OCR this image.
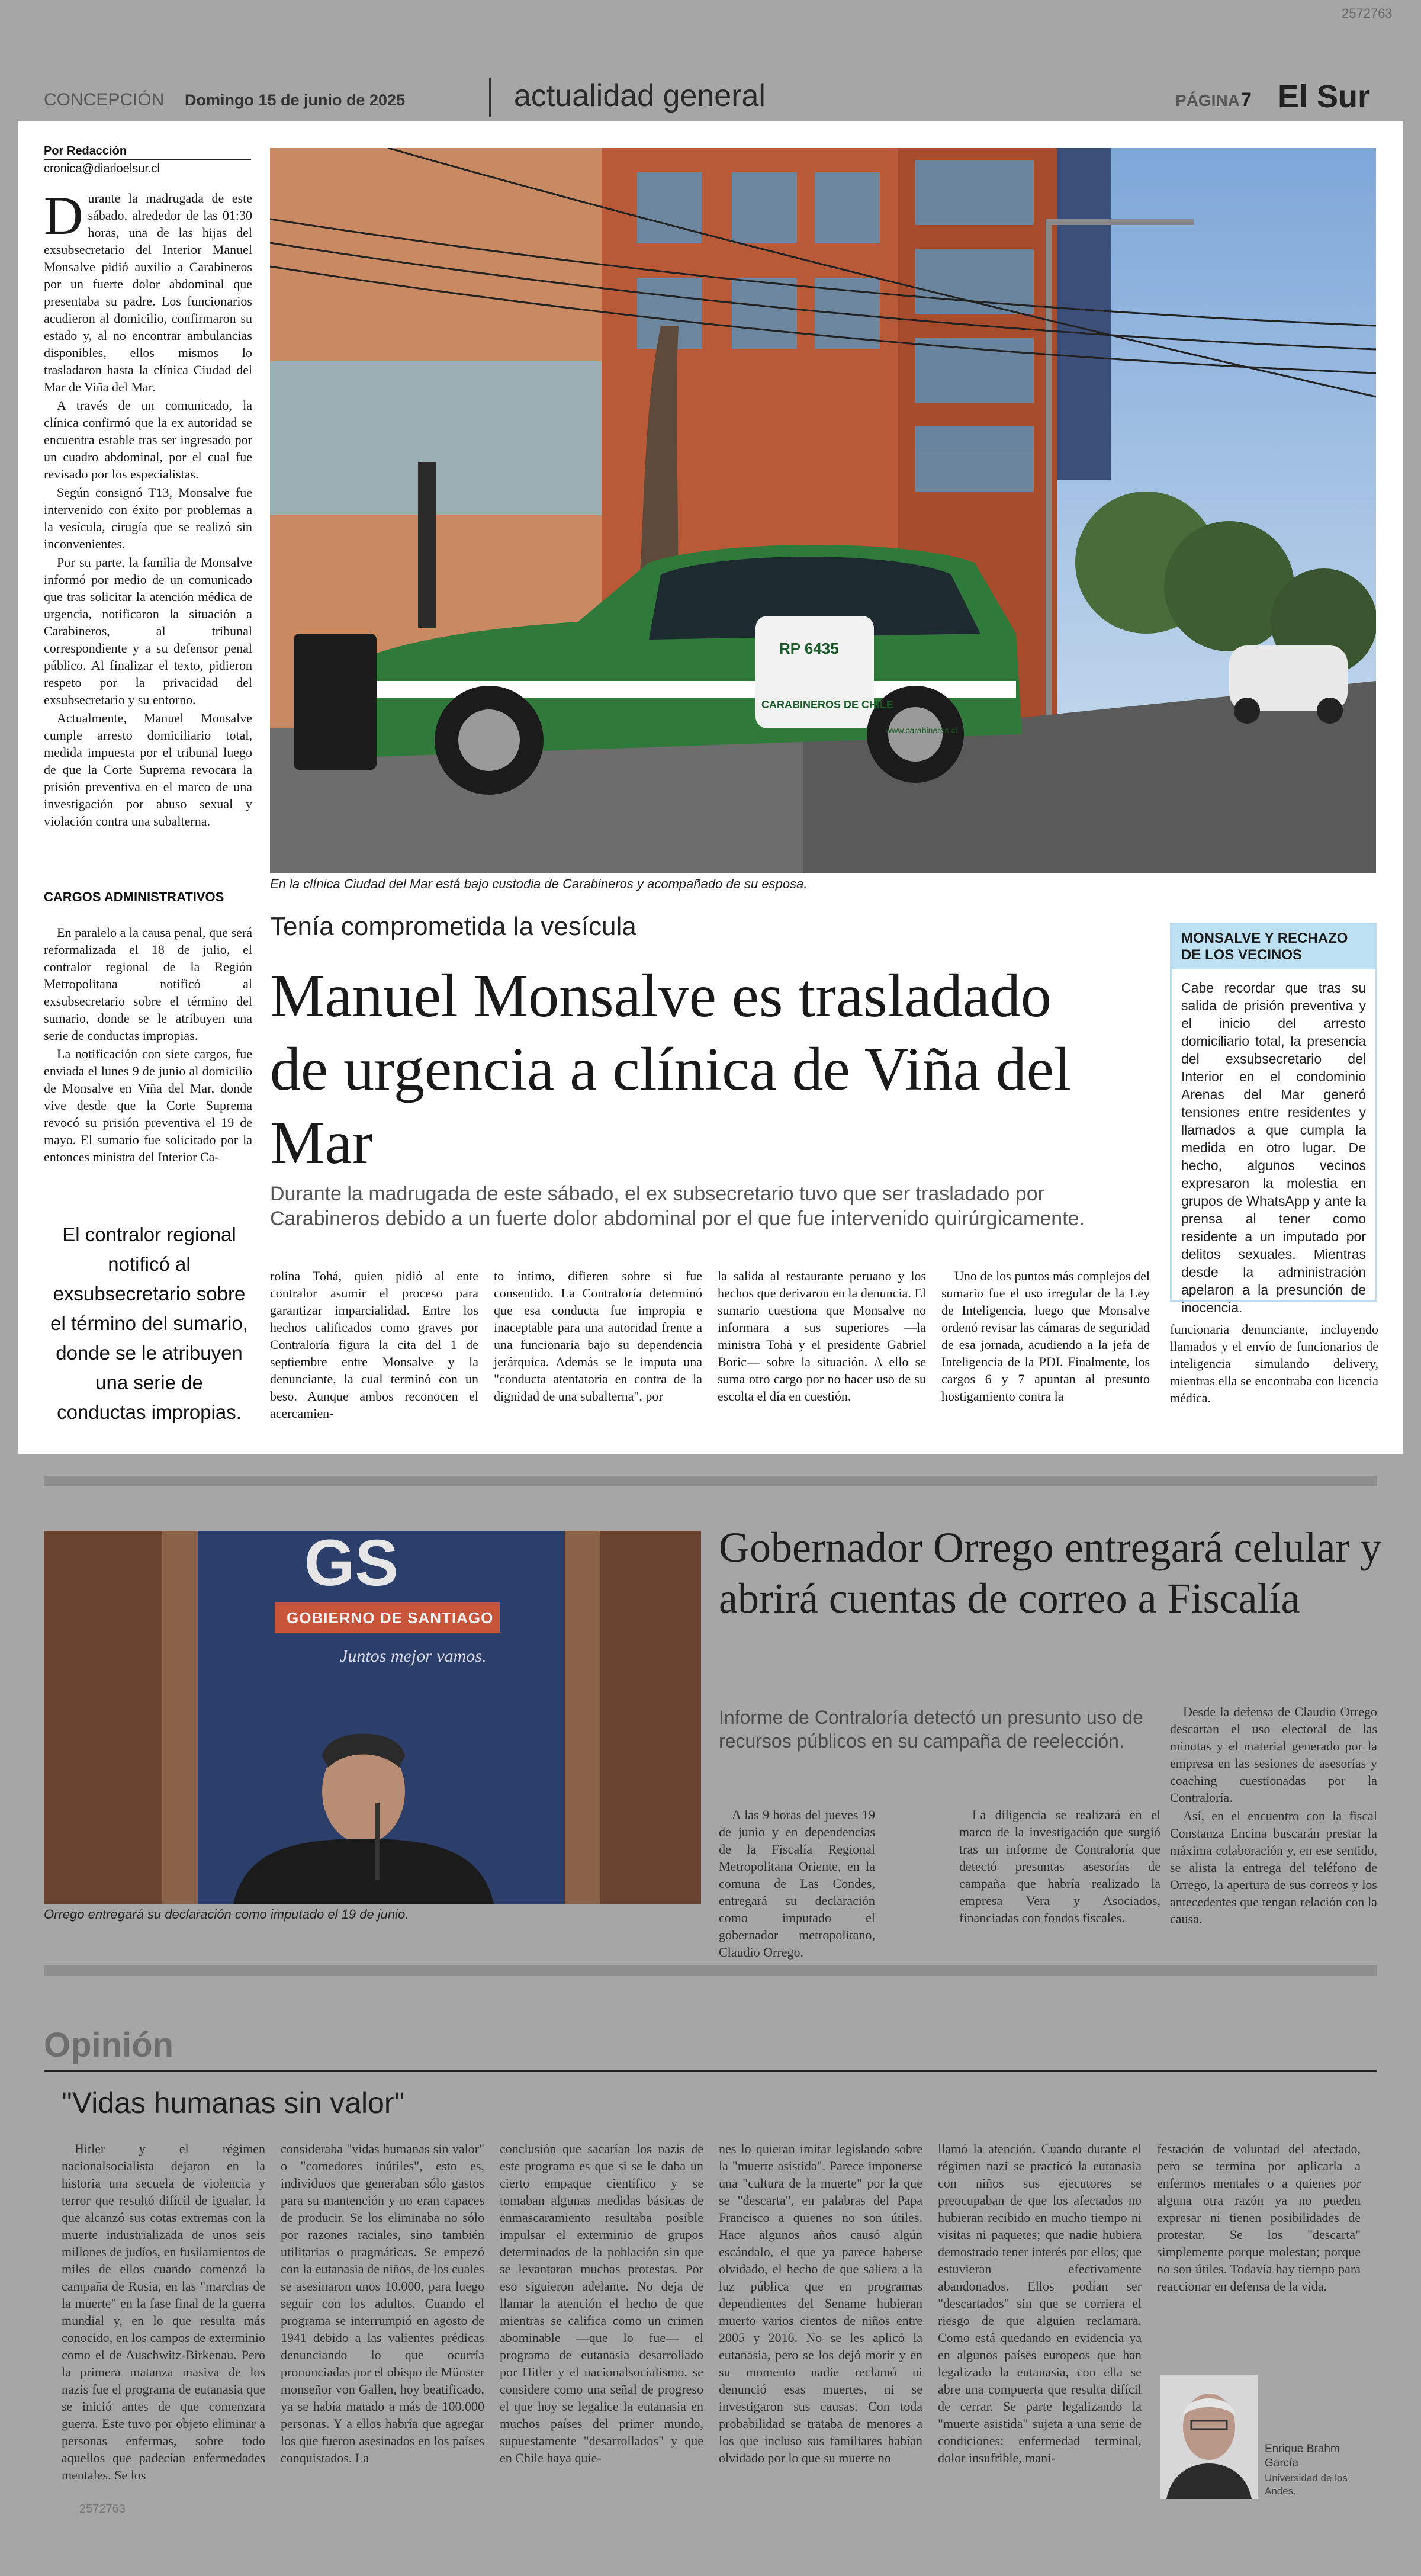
2572763
CONCEPCIÓN Domingo 15 de junio de 2025	actualidad general	PÁGINA 7 El Sur
Por Redacción
cronica@diarioelsur.cl

D urante la madrugada de este sábado, alrededor de las 01:30 horas, una de las hijas del exsubsecretario del Interior Manuel Monsalve pidió auxilio a Carabineros por un fuerte dolor abdominal que presentaba su padre. Los funcionarios acudieron al domicilio, confirmaron su estado y, al no encontrar ambulancias disponibles, ellos mismos lo trasladaron hasta la clínica Ciudad del Mar de Viña del Mar.

A través de un comunicado, la clínica confirmó que la ex autoridad se encuentra estable tras ser ingresado por un cuadro abdominal, por el cual fue revisado por los especialistas.

Según consignó T13, Monsalve fue intervenido con éxito por problemas a la vesícula, cirugía que se realizó sin inconvenientes.

Por su parte, la familia de Monsalve informó por medio de un comunicado que tras solicitar la atención médica de urgencia, notificaron la situación a Carabineros, al tribunal correspondiente y a su defensor penal público. Al finalizar el texto, pidieron respeto por la privacidad del exsubsecretario y su entorno.

Actualmente, Manuel Monsalve cumple arresto domiciliario total, medida impuesta por el tribunal luego de que la Corte Suprema revocara la prisión preventiva en el marco de una investigación por abuso sexual y violación contra una subalterna.

CARGOS ADMINISTRATIVOS

En paralelo a la causa penal, que será reformalizada el 18 de julio, el contralor regional de la Región Metropolitana notificó al exsubsecretario sobre el término del sumario, donde se le atribuyen una serie de conductas impropias.

La notificación con siete cargos, fue enviada el lunes 9 de junio al domicilio de Monsalve en Viña del Mar, donde vive desde que la Corte Suprema revocó su prisión preventiva el 19 de mayo. El sumario fue solicitado por la entonces ministra del Interior Ca-

El contralor regional notificó al exsubsecretario sobre el término del sumario, donde se le atribuyen una serie de conductas impropias.
RP 6435
CARABINEROS DE CHILE
www.carabineros.cl
En la clínica Ciudad del Mar está bajo custodia de Carabineros y acompañado de su esposa.
Tenía comprometida la vesícula
Manuel Monsalve es trasladado de urgencia a clínica de Viña del Mar
Durante la madrugada de este sábado, el ex subsecretario tuvo que ser trasladado por Carabineros debido a un fuerte dolor abdominal por el que fue intervenido quirúrgicamente.
MONSALVE Y RECHAZO DE LOS VECINOS
Cabe recordar que tras su salida de prisión preventiva y el inicio del arresto domiciliario total, la presencia del exsubsecretario del Interior en el condominio Arenas del Mar generó tensiones entre residentes y llamados a que cumpla la medida en otro lugar. De hecho, algunos vecinos expresaron la molestia en grupos de WhatsApp y ante la prensa al tener como residente a un imputado por delitos sexuales. Mientras desde la administración apelaron a la presunción de inocencia.

rolina Tohá, quien pidió al ente contralor asumir el proceso para garantizar imparcialidad. Entre los hechos calificados como graves por Contraloría figura la cita del 1 de septiembre entre Monsalve y la denunciante, la cual terminó con un beso. Aunque ambos reconocen el acercamien-

to íntimo, difieren sobre si fue consentido. La Contraloría determinó que esa conducta fue impropia e inaceptable para una autoridad frente a una funcionaria bajo su dependencia jerárquica. Además se le imputa una "conducta atentatoria en contra de la dignidad de una subalterna", por

la salida al restaurante peruano y los hechos que derivaron en la denuncia. El sumario cuestiona que Monsalve no informara a sus superiores —la ministra Tohá y el presidente Gabriel Boric— sobre la situación. A ello se suma otro cargo por no hacer uso de su escolta el día en cuestión.

Uno de los puntos más complejos del sumario fue el uso irregular de la Ley de Inteligencia, luego que Monsalve ordenó revisar las cámaras de seguridad de esa jornada, acudiendo a la jefa de Inteligencia de la PDI. Finalmente, los cargos 6 y 7 apuntan al presunto hostigamiento contra la

funcionaria denunciante, incluyendo llamados y el envío de funcionarios de inteligencia simulando delivery, mientras ella se encontraba con licencia médica.

GS
GOBIERNO DE SANTIAGO
Juntos mejor vamos.
Orrego entregará su declaración como imputado el 19 de junio.
Gobernador Orrego entregará celular y abrirá cuentas de correo a Fiscalía
Informe de Contraloría detectó un presunto uso de recursos públicos en su campaña de reelección.

A las 9 horas del jueves 19 de junio y en dependencias de la Fiscalía Regional Metropolitana Oriente, en la comuna de Las Condes, entregará su declaración como imputado el gobernador metropolitano, Claudio Orrego.

La diligencia se realizará en el marco de la investigación que surgió tras un informe de Contraloría que detectó presuntas asesorías de campaña que habría realizado la empresa Vera y Asociados, financiadas con fondos fiscales.

Desde la defensa de Claudio Orrego descartan el uso electoral de las minutas y el material generado por la empresa en las sesiones de asesorías y coaching cuestionadas por la Contraloría.

Así, en el encuentro con la fiscal Constanza Encina buscarán prestar la máxima colaboración y, en ese sentido, se alista la entrega del teléfono de Orrego, la apertura de sus correos y los antecedentes que tengan relación con la causa.

Opinión
"Vidas humanas sin valor"

Hitler y el régimen nacionalsocialista dejaron en la historia una secuela de violencia y terror que resultó difícil de igualar, la que alcanzó sus cotas extremas con la muerte industrializada de unos seis millones de judíos, en fusilamientos de miles de ellos cuando comenzó la campaña de Rusia, en las "marchas de la muerte" en la fase final de la guerra mundial y, en lo que resulta más conocido, en los campos de exterminio como el de Auschwitz-Birkenau. Pero la primera matanza masiva de los nazis fue el programa de eutanasia que se inició antes de que comenzara guerra. Este tuvo por objeto eliminar a personas enfermas, sobre todo aquellos que padecían enfermedades mentales. Se los

consideraba "vidas humanas sin valor" o "comedores inútiles", esto es, individuos que generaban sólo gastos para su mantención y no eran capaces de producir. Se los eliminaba no sólo por razones raciales, sino también utilitarias o pragmáticas. Se empezó con la eutanasia de niños, de los cuales se asesinaron unos 10.000, para luego seguir con los adultos. Cuando el programa se interrumpió en agosto de 1941 debido a las valientes prédicas denunciando lo que ocurría pronunciadas por el obispo de Münster monseñor von Gallen, hoy beatificado, ya se había matado a más de 100.000 personas. Y a ellos habría que agregar los que fueron asesinados en los países conquistados. La

conclusión que sacarían los nazis de este programa es que si se le daba un cierto empaque científico y se tomaban algunas medidas básicas de enmascaramiento resultaba posible impulsar el exterminio de grupos determinados de la población sin que se levantaran muchas protestas. Por eso siguieron adelante. No deja de llamar la atención el hecho de que mientras se califica como un crimen abominable —que lo fue— el programa de eutanasia desarrollado por Hitler y el nacionalsocialismo, se considere como una señal de progreso el que hoy se legalice la eutanasia en muchos países del primer mundo, supuestamente "desarrollados" y que en Chile haya quie-

nes lo quieran imitar legislando sobre la "muerte asistida". Parece imponerse una "cultura de la muerte" por la que se "descarta", en palabras del Papa Francisco a quienes no son útiles. Hace algunos años causó algún escándalo, el que ya parece haberse olvidado, el hecho de que saliera a la luz pública que en programas dependientes del Sename hubieran muerto varios cientos de niños entre 2005 y 2016. No se les aplicó la eutanasia, pero se los dejó morir y en su momento nadie reclamó ni denunció esas muertes, ni se investigaron sus causas. Con toda probabilidad se trataba de menores a los que incluso sus familiares habían olvidado por lo que su muerte no

llamó la atención. Cuando durante el régimen nazi se practicó la eutanasia con niños sus ejecutores se preocupaban de que los afectados no hubieran recibido en mucho tiempo ni visitas ni paquetes; que nadie hubiera demostrado tener interés por ellos; que estuvieran efectivamente abandonados. Ellos podían ser "descartados" sin que se corriera el riesgo de que alguien reclamara. Como está quedando en evidencia ya en algunos países europeos que han legalizado la eutanasia, con ella se abre una compuerta que resulta difícil de cerrar. Se parte legalizando la "muerte asistida" sujeta a una serie de condiciones: enfermedad terminal, dolor insufrible, mani-

festación de voluntad del afectado, pero se termina por aplicarla a enfermos mentales o a quienes por alguna otra razón ya no pueden expresar ni tienen posibilidades de protestar. Se los "descarta" simplemente porque molestan; porque no son útiles. Todavía hay tiempo para reaccionar en defensa de la vida.

Enrique Brahm García
Universidad de los Andes.
2572763
